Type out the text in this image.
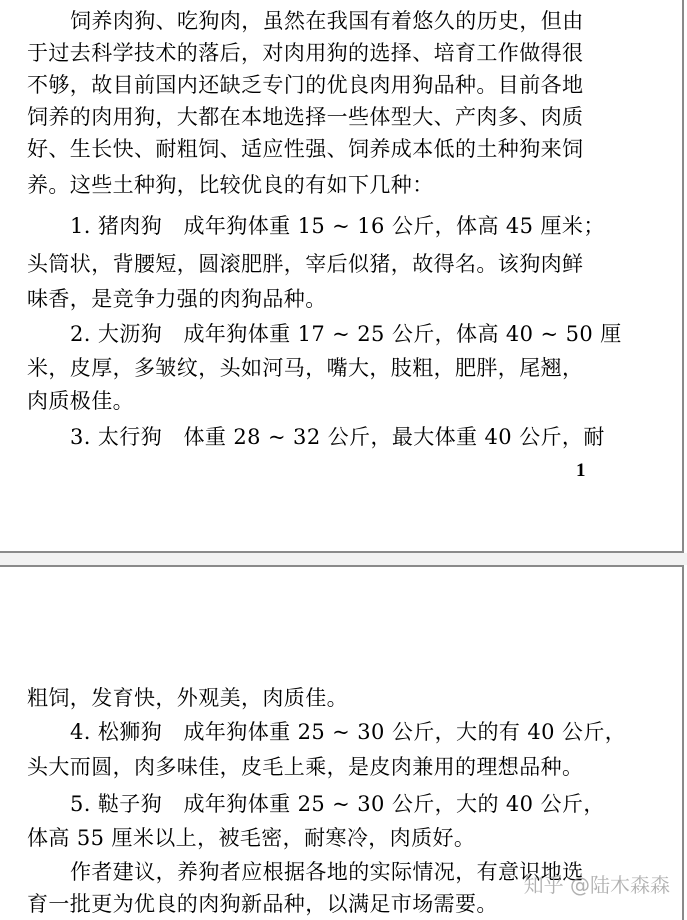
饲养肉狗、吃狗肉，虽然在我国有着悠久的历史，但由
于过去科学技术的落后，对肉用狗的选择、培育工作做得很
不够，故目前国内还缺乏专门的优良肉用狗品种。目前各地
饲养的肉用狗，大都在本地选择一些体型大、产肉多、肉质
好、生长快、耐粗饲、适应性强、饲养成本低的土种狗来饲
养。这些土种狗，比较优良的有如下几种：
1. 猪肉狗　成年狗体重 15 ~ 16 公斤，体高 45 厘米；
头筒状，背腰短，圆滚肥胖，宰后似猪，故得名。该狗肉鲜
味香，是竞争力强的肉狗品种。
2. 大沥狗　成年狗体重 17 ~ 25 公斤，体高 40 ~ 50 厘
米，皮厚，多皱纹，头如河马，嘴大，肢粗，肥胖，尾翘，
肉质极佳。
3. 太行狗　体重 28 ~ 32 公斤，最大体重 40 公斤，耐
1
粗饲，发育快，外观美，肉质佳。
4. 松狮狗　成年狗体重 25 ~ 30 公斤，大的有 40 公斤，
头大而圆，肉多味佳，皮毛上乘，是皮肉兼用的理想品种。
5. 鞑子狗　成年狗体重 25 ~ 30 公斤，大的 40 公斤，
体高 55 厘米以上，被毛密，耐寒冷，肉质好。
作者建议，养狗者应根据各地的实际情况，有意识地选
育一批更为优良的肉狗新品种，以满足市场需要。
知乎 @陆木森森
